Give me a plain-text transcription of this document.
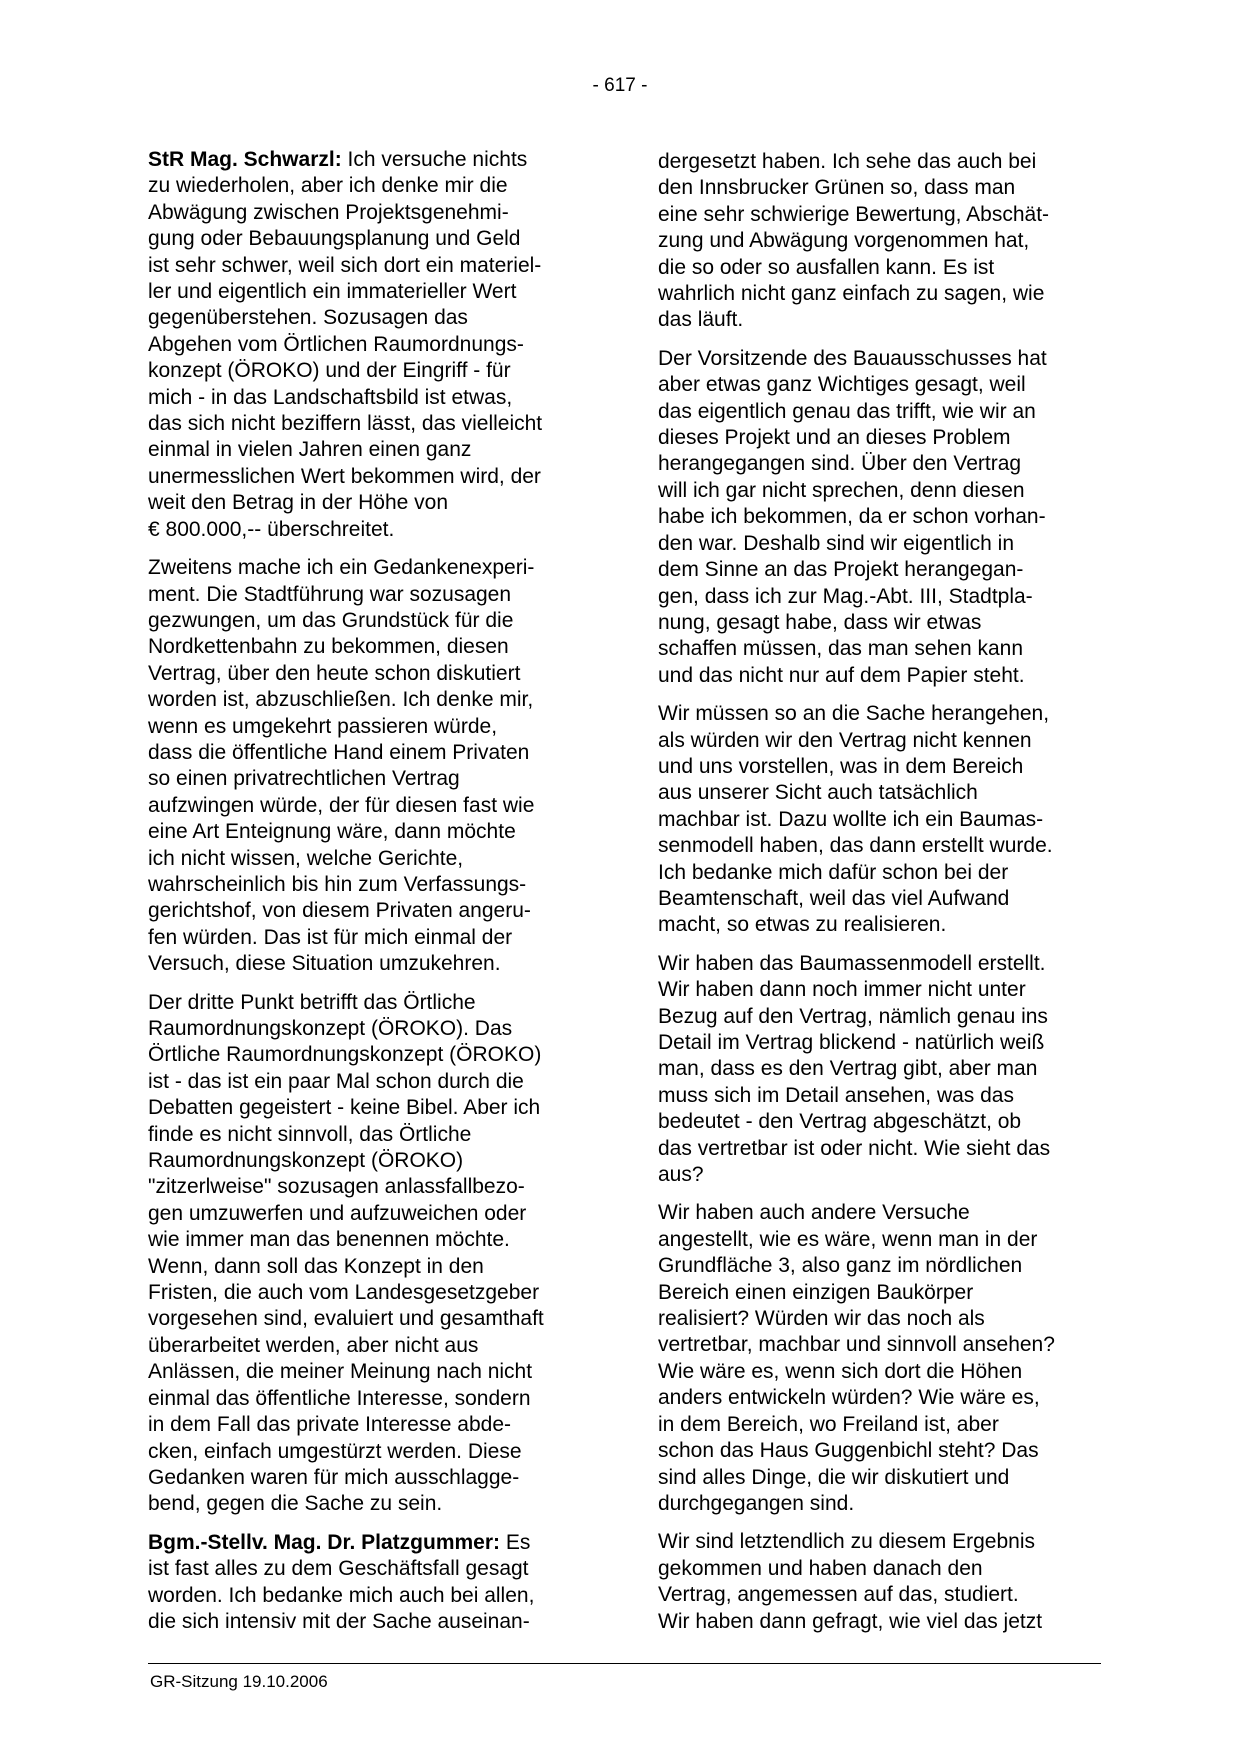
- 617 -
StR Mag. Schwarzl: Ich versuche nichts
zu wiederholen, aber ich denke mir die
Abwägung zwischen Projektsgenehmi-
gung oder Bebauungsplanung und Geld
ist sehr schwer, weil sich dort ein materiel-
ler und eigentlich ein immaterieller Wert
gegenüberstehen. Sozusagen das
Abgehen vom Örtlichen Raumordnungs-
konzept (ÖROKO) und der Eingriff - für
mich - in das Landschaftsbild ist etwas,
das sich nicht beziffern lässt, das vielleicht
einmal in vielen Jahren einen ganz
unermesslichen Wert bekommen wird, der
weit den Betrag in der Höhe von
€ 800.000,-- überschreitet.
Zweitens mache ich ein Gedankenexperi-
ment. Die Stadtführung war sozusagen
gezwungen, um das Grundstück für die
Nordkettenbahn zu bekommen, diesen
Vertrag, über den heute schon diskutiert
worden ist, abzuschließen. Ich denke mir,
wenn es umgekehrt passieren würde,
dass die öffentliche Hand einem Privaten
so einen privatrechtlichen Vertrag
aufzwingen würde, der für diesen fast wie
eine Art Enteignung wäre, dann möchte
ich nicht wissen, welche Gerichte,
wahrscheinlich bis hin zum Verfassungs-
gerichtshof, von diesem Privaten angeru-
fen würden. Das ist für mich einmal der
Versuch, diese Situation umzukehren.
Der dritte Punkt betrifft das Örtliche
Raumordnungskonzept (ÖROKO). Das
Örtliche Raumordnungskonzept (ÖROKO)
ist - das ist ein paar Mal schon durch die
Debatten gegeistert - keine Bibel. Aber ich
finde es nicht sinnvoll, das Örtliche
Raumordnungskonzept (ÖROKO)
"zitzerlweise" sozusagen anlassfallbezo-
gen umzuwerfen und aufzuweichen oder
wie immer man das benennen möchte.
Wenn, dann soll das Konzept in den
Fristen, die auch vom Landesgesetzgeber
vorgesehen sind, evaluiert und gesamthaft
überarbeitet werden, aber nicht aus
Anlässen, die meiner Meinung nach nicht
einmal das öffentliche Interesse, sondern
in dem Fall das private Interesse abde-
cken, einfach umgestürzt werden. Diese
Gedanken waren für mich ausschlagge-
bend, gegen die Sache zu sein.
Bgm.-Stellv. Mag. Dr. Platzgummer: Es
ist fast alles zu dem Geschäftsfall gesagt
worden. Ich bedanke mich auch bei allen,
die sich intensiv mit der Sache auseinan-
dergesetzt haben. Ich sehe das auch bei
den Innsbrucker Grünen so, dass man
eine sehr schwierige Bewertung, Abschät-
zung und Abwägung vorgenommen hat,
die so oder so ausfallen kann. Es ist
wahrlich nicht ganz einfach zu sagen, wie
das läuft.
Der Vorsitzende des Bauausschusses hat
aber etwas ganz Wichtiges gesagt, weil
das eigentlich genau das trifft, wie wir an
dieses Projekt und an dieses Problem
herangegangen sind. Über den Vertrag
will ich gar nicht sprechen, denn diesen
habe ich bekommen, da er schon vorhan-
den war. Deshalb sind wir eigentlich in
dem Sinne an das Projekt herangegan-
gen, dass ich zur Mag.-Abt. III, Stadtpla-
nung, gesagt habe, dass wir etwas
schaffen müssen, das man sehen kann
und das nicht nur auf dem Papier steht.
Wir müssen so an die Sache herangehen,
als würden wir den Vertrag nicht kennen
und uns vorstellen, was in dem Bereich
aus unserer Sicht auch tatsächlich
machbar ist. Dazu wollte ich ein Baumas-
senmodell haben, das dann erstellt wurde.
Ich bedanke mich dafür schon bei der
Beamtenschaft, weil das viel Aufwand
macht, so etwas zu realisieren.
Wir haben das Baumassenmodell erstellt.
Wir haben dann noch immer nicht unter
Bezug auf den Vertrag, nämlich genau ins
Detail im Vertrag blickend - natürlich weiß
man, dass es den Vertrag gibt, aber man
muss sich im Detail ansehen, was das
bedeutet - den Vertrag abgeschätzt, ob
das vertretbar ist oder nicht. Wie sieht das
aus?
Wir haben auch andere Versuche
angestellt, wie es wäre, wenn man in der
Grundfläche 3, also ganz im nördlichen
Bereich einen einzigen Baukörper
realisiert? Würden wir das noch als
vertretbar, machbar und sinnvoll ansehen?
Wie wäre es, wenn sich dort die Höhen
anders entwickeln würden? Wie wäre es,
in dem Bereich, wo Freiland ist, aber
schon das Haus Guggenbichl steht? Das
sind alles Dinge, die wir diskutiert und
durchgegangen sind.
Wir sind letztendlich zu diesem Ergebnis
gekommen und haben danach den
Vertrag, angemessen auf das, studiert.
Wir haben dann gefragt, wie viel das jetzt
GR-Sitzung 19.10.2006
